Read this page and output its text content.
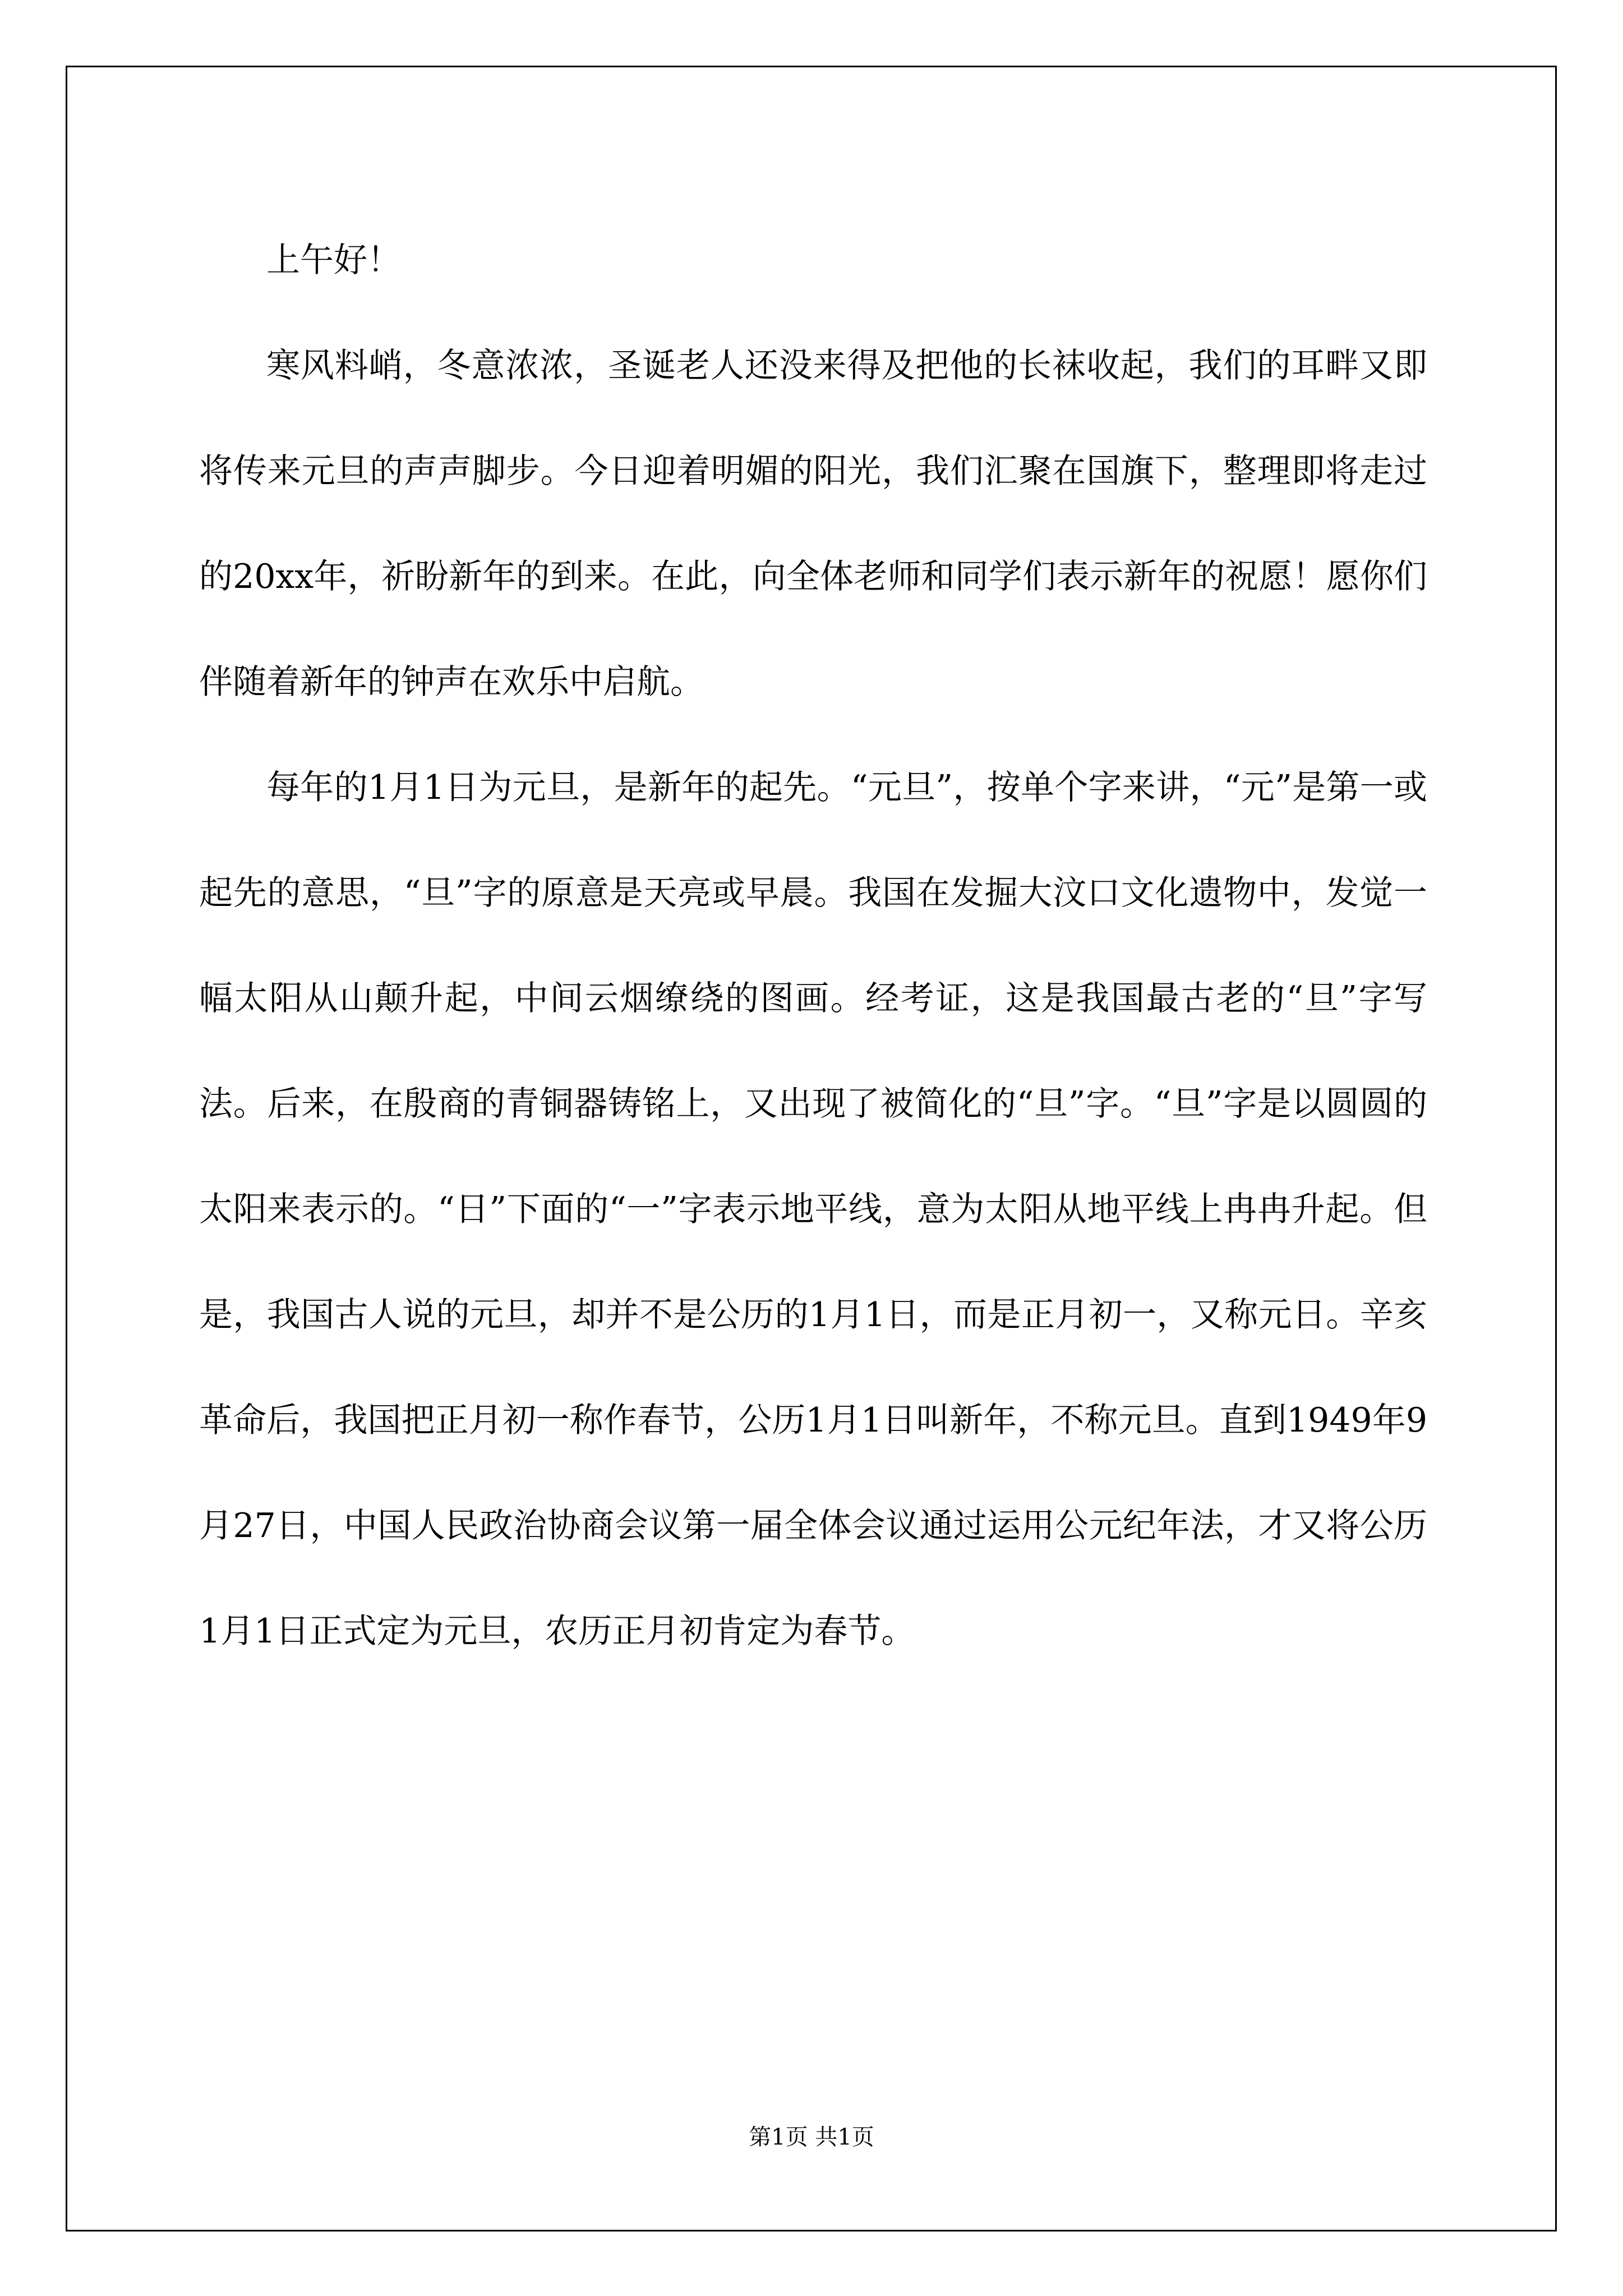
上午好！

寒风料峭，冬意浓浓，圣诞老人还没来得及把他的长袜收起，我们的耳畔又即将传来元旦的声声脚步。今日迎着明媚的阳光，我们汇聚在国旗下，整理即将走过的20xx年，祈盼新年的到来。在此，向全体老师和同学们表示新年的祝愿！愿你们伴随着新年的钟声在欢乐中启航。

每年的1月1日为元旦，是新年的起先。“元旦”，按单个字来讲，“元”是第一或起先的意思，“旦”字的原意是天亮或早晨。我国在发掘大汶口文化遗物中，发觉一幅太阳从山颠升起，中间云烟缭绕的图画。经考证，这是我国最古老的“旦”字写法。后来，在殷商的青铜器铸铭上，又出现了被简化的“旦”字。“旦”字是以圆圆的太阳来表示的。“日”下面的“一”字表示地平线，意为太阳从地平线上冉冉升起。但是，我国古人说的元旦，却并不是公历的1月1日，而是正月初一，又称元日。辛亥革命后，我国把正月初一称作春节，公历1月1日叫新年，不称元旦。直到1949年9月27日，中国人民政治协商会议第一届全体会议通过运用公元纪年法，才又将公历1月1日正式定为元旦，农历正月初肯定为春节。

第1页 共1页
